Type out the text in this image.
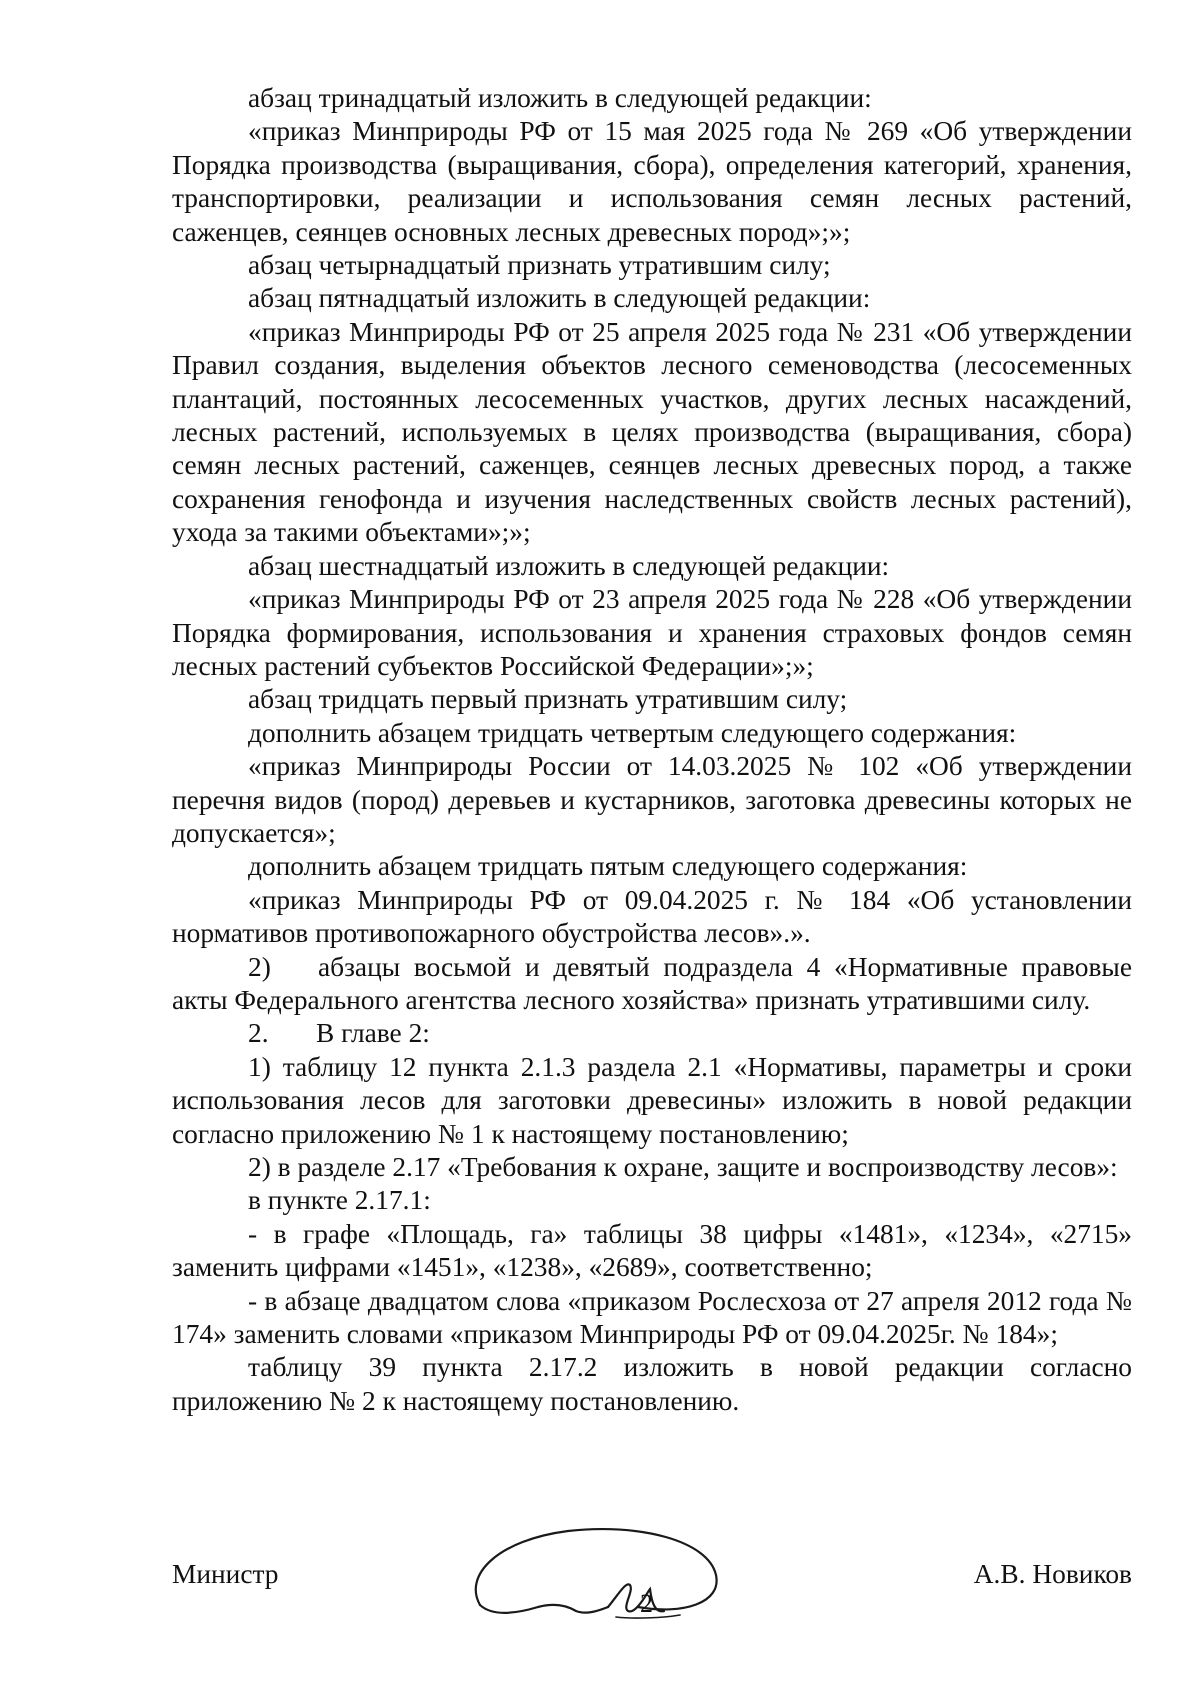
абзац тринадцатый изложить в следующей редакции:

«приказ Минприроды РФ от 15 мая 2025 года № 269 «Об утверждении Порядка производства (выращивания, сбора), определения категорий, хранения, транспортировки, реализации и использования семян лесных растений, саженцев, сеянцев основных лесных древесных пород»;»;

абзац четырнадцатый признать утратившим силу;

абзац пятнадцатый изложить в следующей редакции:

«приказ Минприроды РФ от 25 апреля 2025 года № 231 «Об утверждении Правил создания, выделения объектов лесного семеноводства (лесосеменных плантаций, постоянных лесосеменных участков, других лесных насаждений, лесных растений, используемых в целях производства (выращивания, сбора) семян лесных растений, саженцев, сеянцев лесных древесных пород, а также сохранения генофонда и изучения наследственных свойств лесных растений), ухода за такими объектами»;»;

абзац шестнадцатый изложить в следующей редакции:

«приказ Минприроды РФ от 23 апреля 2025 года № 228 «Об утверждении Порядка формирования, использования и хранения страховых фондов семян лесных растений субъектов Российской Федерации»;»;

абзац тридцать первый признать утратившим силу;

дополнить абзацем тридцать четвертым следующего содержания:

«приказ Минприроды России от 14.03.2025 № 102 «Об утверждении перечня видов (пород) деревьев и кустарников, заготовка древесины которых не допускается»;

дополнить абзацем тридцать пятым следующего содержания:

«приказ Минприроды РФ от 09.04.2025 г. № 184 «Об установлении нормативов противопожарного обустройства лесов».».

2) абзацы восьмой и девятый подраздела 4 «Нормативные правовые акты Федерального агентства лесного хозяйства» признать утратившими силу.

2. В главе 2:

1) таблицу 12 пункта 2.1.3 раздела 2.1 «Нормативы, параметры и сроки использования лесов для заготовки древесины» изложить в новой редакции согласно приложению № 1 к настоящему постановлению;

2) в разделе 2.17 «Требования к охране, защите и воспроизводству лесов»:

в пункте 2.17.1:

- в графе «Площадь, га» таблицы 38 цифры «1481», «1234», «2715» заменить цифрами «1451», «1238», «2689», соответственно;

- в абзаце двадцатом слова «приказом Рослесхоза от 27 апреля 2012 года № 174» заменить словами «приказом Минприроды РФ от 09.04.2025г. № 184»;

таблицу 39 пункта 2.17.2 изложить в новой редакции согласно приложению № 2 к настоящему постановлению.

Министр	А.В. Новиков
2
